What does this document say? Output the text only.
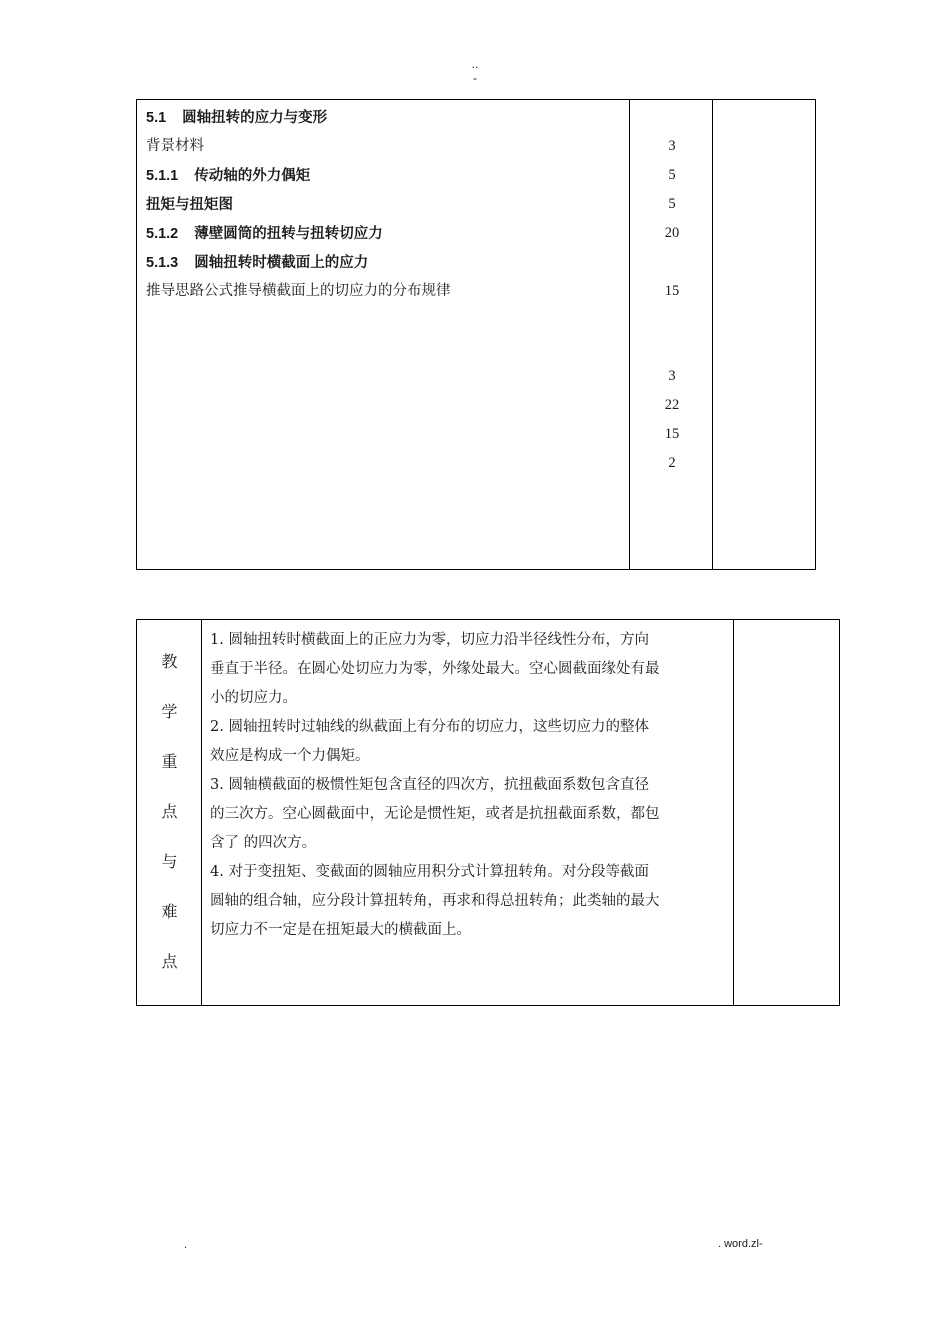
..
-
5.1 圆轴扭转的应力与变形
背景材料	3
5.1.1 传动轴的外力偶矩	5
扭矩与扭矩图	5
5.1.2 薄壁圆筒的扭转与扭转切应力	20
5.1.3 圆轴扭转时横截面上的应力
推导思路公式推导横截面上的切应力的分布规律	15
3
22
15
2
教
学
重
点
与
难
点
1. 圆轴扭转时横截面上的正应力为零，切应力沿半径线性分布，方向
垂直于半径。在圆心处切应力为零，外缘处最大。空心圆截面缘处有最
小的切应力。
2. 圆轴扭转时过轴线的纵截面上有分布的切应力，这些切应力的整体
效应是构成一个力偶矩。
3. 圆轴横截面的极惯性矩包含直径的四次方，抗扭截面系数包含直径
的三次方。空心圆截面中，无论是惯性矩，或者是抗扭截面系数，都包
含了 的四次方。
4. 对于变扭矩、变截面的圆轴应用积分式计算扭转角。对分段等截面
圆轴的组合轴，应分段计算扭转角，再求和得总扭转角；此类轴的最大
切应力不一定是在扭矩最大的横截面上。
.	. word.zl-
